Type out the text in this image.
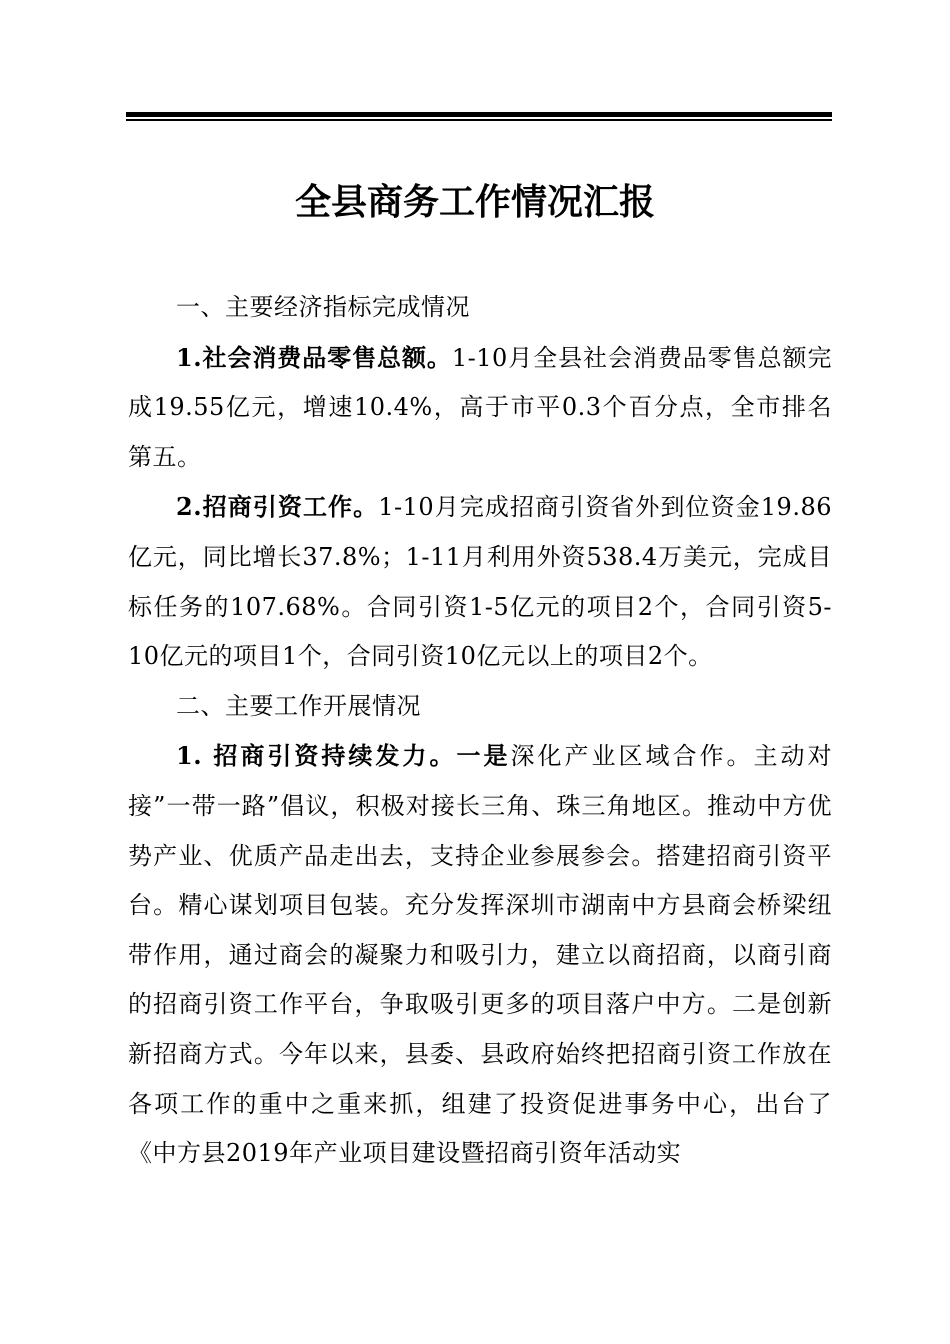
全县商务工作情况汇报

一、主要经济指标完成情况

1.社会消费品零售总额。1-10月全县社会消费品零售总额完成19.55亿元，增速10.4%，高于市平0.3个百分点，全市排名第五。

2.招商引资工作。1-10月完成招商引资省外到位资金19.86亿元，同比增长37.8%；1-11月利用外资538.4万美元，完成目标任务的107.68%。合同引资1-5亿元的项目2个，合同引资5-10亿元的项目1个，合同引资10亿元以上的项目2个。

二、主要工作开展情况

1. 招商引资持续发力。一是深化产业区域合作。主动对接”一带一路”倡议，积极对接长三角、珠三角地区。推动中方优势产业、优质产品走出去，支持企业参展参会。搭建招商引资平台。精心谋划项目包装。充分发挥深圳市湖南中方县商会桥梁纽带作用，通过商会的凝聚力和吸引力，建立以商招商，以商引商的招商引资工作平台，争取吸引更多的项目落户中方。二是创新新招商方式。今年以来，县委、县政府始终把招商引资工作放在各项工作的重中之重来抓，组建了投资促进事务中心，出台了《中方县2019年产业项目建设暨招商引资年活动实
